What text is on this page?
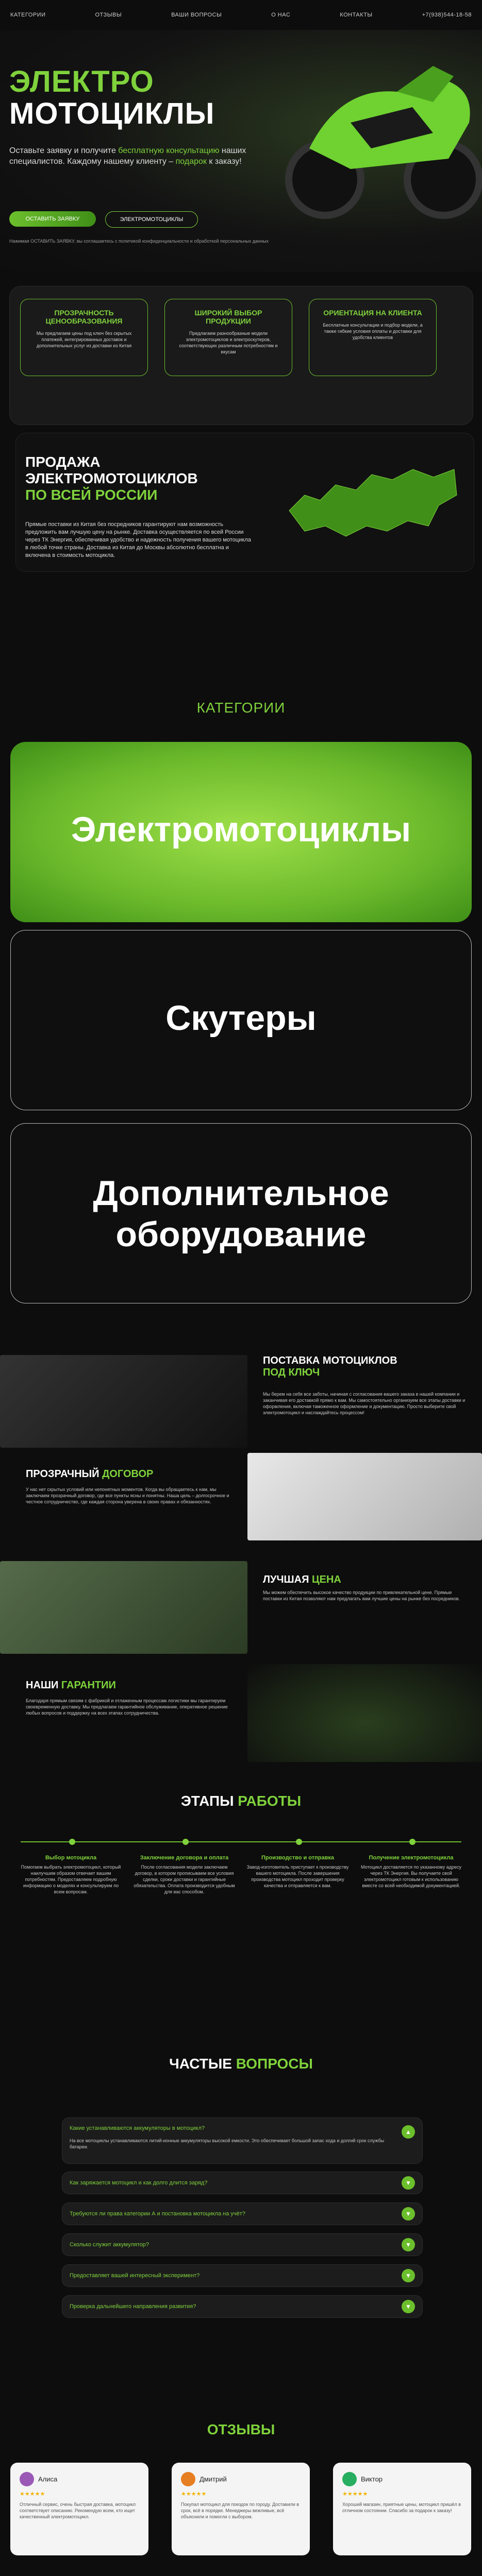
КАТЕГОРИИ	ОТЗЫВЫ	ВАШИ ВОПРОСЫ	О НАС	КОНТАКТЫ	+7(938)544-18-58
ЭЛЕКТРО
МОТОЦИКЛЫ

Оставьте заявку и получите бесплатную консультацию наших специалистов. Каждому нашему клиенту – подарок к заказу!

ОСТАВИТЬ ЗАЯВКУ	ЭЛЕКТРОМОТОЦИКЛЫ

Нажимая ОСТАВИТЬ ЗАЯВКУ, вы соглашаетесь с политикой конфиденциальности и обработкой персональных данных

ПРОЗРАЧНОСТЬ ЦЕНООБРАЗОВАНИЯ

Мы предлагаем цены под ключ без скрытых платежей, интегрированных доставок и дополнительных услуг из доставки из Китая

ШИРОКИЙ ВЫБОР ПРОДУКЦИИ

Предлагаем разнообразные модели электромотоциклов и электроскутеров, соответствующих различным потребностям и вкусам

ОРИЕНТАЦИЯ НА КЛИЕНТА

Бесплатные консультации и подбор модели, а также гибкие условия оплаты и доставки для удобства клиентов

ПРОДАЖА
ЭЛЕКТРОМОТОЦИКЛОВ
ПО ВСЕЙ РОССИИ

Прямые поставки из Китая без посредников гарантируют нам возможность предложить вам лучшую цену на рынке. Доставка осуществляется по всей России через ТК Энергия, обеспечивая удобство и надежность получения вашего мотоцикла в любой точке страны. Доставка из Китая до Москвы абсолютно бесплатна и включена в стоимость мотоцикла.

КАТЕГОРИИ
Электромотоциклы
Скутеры
Дополнительное оборудование
ПОСТАВКА МОТОЦИКЛОВ
ПОД КЛЮЧ

Мы берем на себя все заботы, начиная с согласования вашего заказа в нашей компании и заканчивая его доставкой прямо к вам. Мы самостоятельно организуем все этапы доставки и оформления, включая таможенное оформление и документацию. Просто выберите свой электромотоцикл и наслаждайтесь процессом!

ПРОЗРАЧНЫЙ ДОГОВОР

У нас нет скрытых условий или непонятных моментов. Когда вы обращаетесь к нам, мы заключаем прозрачный договор, где все пункты ясны и понятны. Наша цель – долгосрочное и честное сотрудничество, где каждая сторона уверена в своих правах и обязанностях.

ЛУЧШАЯ ЦЕНА

Мы можем обеспечить высокое качество продукции по привлекательной цене. Прямые поставки из Китая позволяют нам предлагать вам лучшие цены на рынке без посредников.

НАШИ ГАРАНТИИ

Благодаря прямым связям с фабрикой и отлаженным процессам логистики мы гарантируем своевременную доставку. Мы предлагаем гарантийное обслуживание, оперативное решение любых вопросов и поддержку на всех этапах сотрудничества.

ЭТАПЫ РАБОТЫ
Выбор мотоцикла

Помогаем выбрать электромотоцикл, который наилучшим образом отвечает вашим потребностям. Предоставляем подробную информацию о моделях и консультируем по всем вопросам.

Заключение договора и оплата

После согласования модели заключаем договор, в котором прописываем все условия сделки, сроки доставки и гарантийные обязательства. Оплата производится удобным для вас способом.

Производство и отправка

Завод-изготовитель приступает к производству вашего мотоцикла. После завершения производства мотоцикл проходит проверку качества и отправляется к вам.

Получение электромотоцикла

Мотоцикл доставляется по указанному адресу через ТК Энергия. Вы получаете свой электромотоцикл готовым к использованию вместе со всей необходимой документацией.

ЧАСТЫЕ ВОПРОСЫ
Какие устанавливаются аккумуляторы в мотоцикл?	▲

На все мотоциклы устанавливаются литий-ионные аккумуляторы высокой емкости. Это обеспечивает большой запас хода и долгий срок службы батареи.

Как заряжается мотоцикл и как долго длится заряд?	▼
Требуются ли права категории А и постановка мотоцикла на учёт?	▼
Сколько служит аккумулятор?	▼
Предоставляет вашей интересный эксперимент?	▼
Проверка дальнейшего направления развития?	▼
ОТЗЫВЫ
Алиса
★★★★★

Отличный сервис, очень быстрая доставка, мотоцикл соответствует описанию. Рекомендую всем, кто ищет качественный электромотоцикл.

Дмитрий
★★★★★

Покупал мотоцикл для поездок по городу. Доставили в срок, всё в порядке. Менеджеры вежливые, всё объяснили и помогли с выбором.

Виктор
★★★★★

Хороший магазин, приятные цены, мотоцикл пришёл в отличном состоянии. Спасибо за подарок к заказу!
